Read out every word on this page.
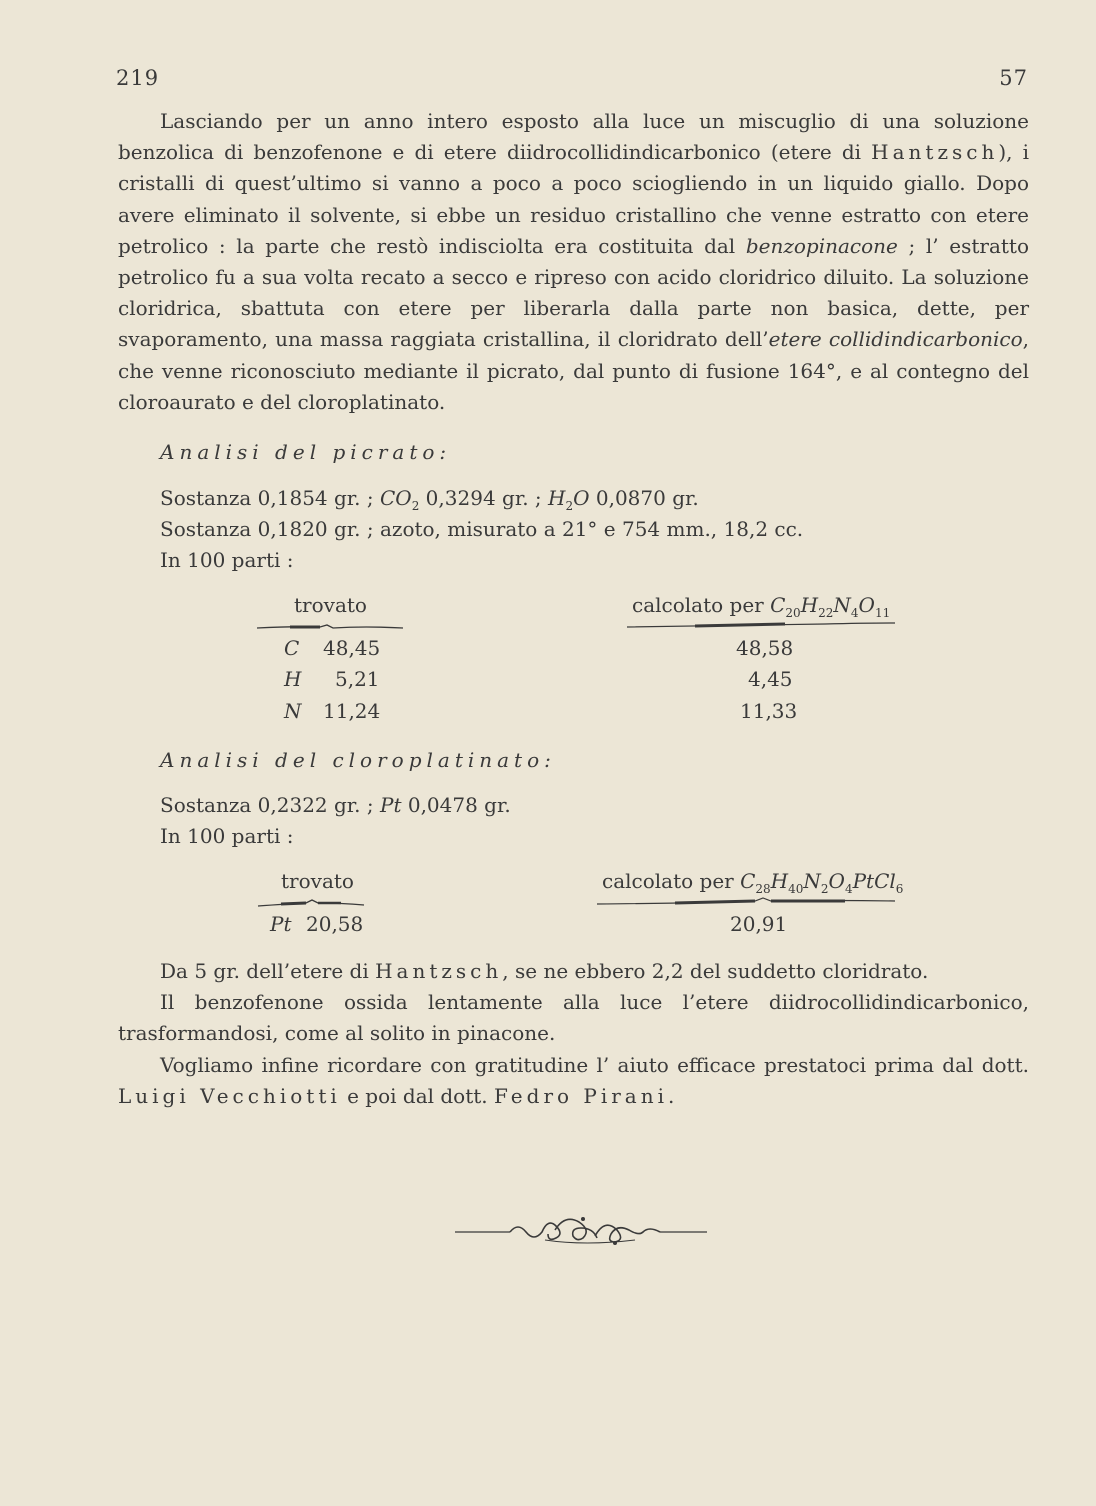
219	57

Lasciando per un anno intero esposto alla luce un miscuglio di una soluzione benzolica di benzofenone e di etere diidrocollidindicarbonico (etere di Hantzsch), i cristalli di quest’ultimo si vanno a poco a poco sciogliendo in un liquido giallo. Dopo avere eliminato il solvente, si ebbe un residuo cristallino che venne estratto con etere petrolico : la parte che restò indisciolta era costituita dal benzopinacone ; l’ estratto petrolico fu a sua volta recato a secco e ripreso con acido cloridrico diluito. La soluzione cloridrica, sbattuta con etere per liberarla dalla parte non basica, dette, per svaporamento, una massa raggiata cristallina, il cloridrato dell’etere collidindicarbonico, che venne riconosciuto mediante il picrato, dal punto di fusione 164°, e al contegno del cloroaurato e del cloroplatinato.

Analisi del picrato:
Sostanza 0,1854 gr. ; $CO_2$ 0,3294 gr. ; $H_2O$ 0,0870 gr.
Sostanza 0,1820 gr. ; azoto, misurato a 21° e 754 mm., 18,2 cc.
In 100 parti :
trovato	calcolato per $C_{20}H_{22}N_4O_{11}$
C 48,45	48,58
H 5,21	4,45
N 11,24	11,33
Analisi del cloroplatinato:
Sostanza 0,2322 gr. ; Pt 0,0478 gr.
In 100 parti :
trovato	calcolato per $C_{28}H_{40}N_2O_4PtCl_6$
Pt 20,58	20,91

Da 5 gr. dell’etere di Hantzsch, se ne ebbero 2,2 del suddetto cloridrato.

Il benzofenone ossida lentamente alla luce l’etere diidrocollidindicarbonico, trasformandosi, come al solito in pinacone.

Vogliamo infine ricordare con gratitudine l’ aiuto efficace prestatoci prima dal dott. Luigi Vecchiotti e poi dal dott. Fedro Pirani.
